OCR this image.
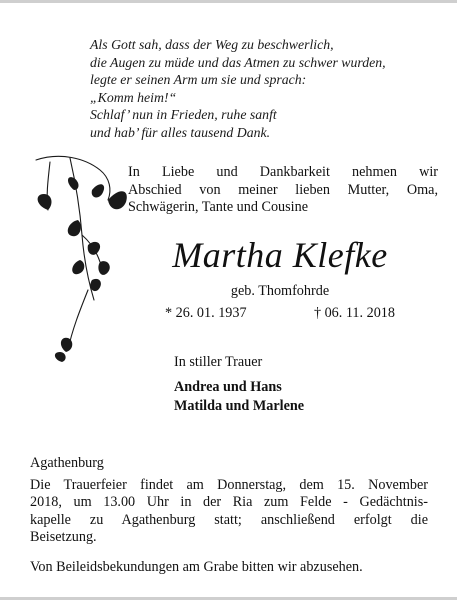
Als Gott sah, dass der Weg zu beschwerlich,
die Augen zu müde und das Atmen zu schwer wurden,
legte er seinen Arm um sie und sprach:
„Komm heim!“
Schlaf’ nun in Frieden, ruhe sanft
und hab’ für alles tausend Dank.
In Liebe und Dankbarkeit nehmen wir
Abschied von meiner lieben Mutter, Oma,
Schwägerin, Tante und Cousine
Martha Klefke
geb. Thomfohrde
* 26. 01. 1937	† 06. 11. 2018
In stiller Trauer
Andrea und Hans
Matilda und Marlene
Agathenburg
Die Trauerfeier findet am Donnerstag, dem 15. November
2018, um 13.00 Uhr in der Ria zum Felde - Gedächtnis-
kapelle zu Agathenburg statt; anschließend erfolgt die
Beisetzung.
Von Beileidsbekundungen am Grabe bitten wir abzusehen.
